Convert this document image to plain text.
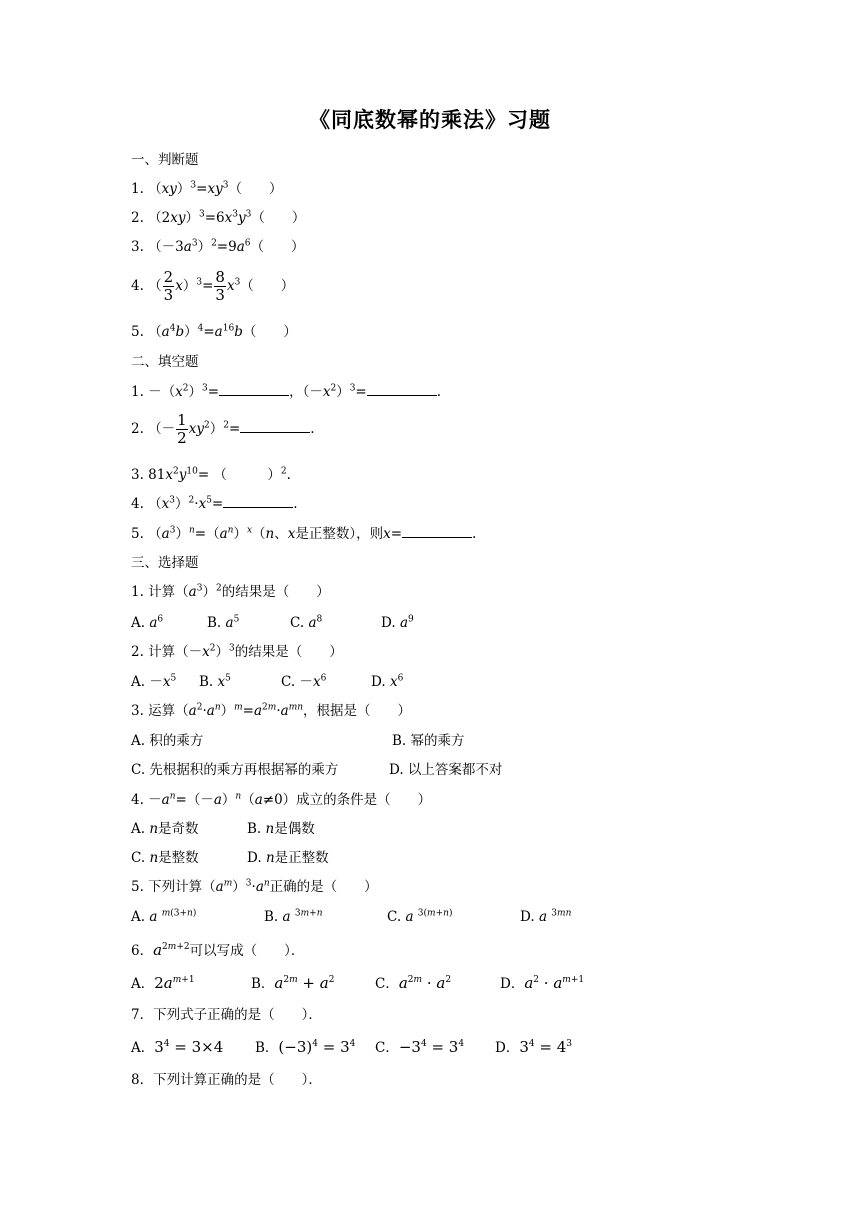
《同底数幂的乘法》习题
一、判断题
1. $(xy)^3=xy^3$（　　）
2. $(2xy)^3=6x^3y^3$（　　）
3. $(-3a^3)^2=9a^6$（　　）
4. （ $\frac{2}{3} x)^3= \frac{8}{3} x^3$（　　）
5. $(a^4b)^4=a^{16}b$（　　）
二、填空题
1. $-(x^2)^3=$	，$(-x^2)^3=$	.
2. （－ $\frac{1}{2} xy^2)^2=$	.
3. $81x^2y^{10}=$ （　　　）$^2$.
4. $(x^3)^2\cdot x^5=$	.
5. $(a^3)^n=(a^n)^x(n$、x是正整数），则x=	.
三、选择题
1. 计算$(a^3)^2$的结果是（　　）
A. $a^6$	B. $a^5$	C. $a^8$	D. $a^9$
2. 计算$(-x^2)^3$的结果是（　　）
A. $-x^5$ B. $x^5$	C. $-x^6$	D. $x^6$
3. 运算$(a^2\cdot a^n)^m=a^{2m}\cdot a^{mn}$，根据是（　　）
A. 积的乘方	B. 幂的乘方
C. 先根据积的乘方再根据幂的乘方	D. 以上答案都不对
4. $-a^n=(-a)^n(a\ne 0)$成立的条件是（　　）
A. n是奇数	B. n是偶数
C. n是整数	D. n是正整数
5. 下列计算$(a^m)^3\cdot a^n$正确的是（　　）
A. a $^{m(3+n)}$	B. a $^{3m+n}$	C. a $^{3(m+n)}$	D. a $^{3mn}$
6．$a^{2m+2}$可以写成（　　）．
A．$2a^{m+1}$	B．$a^{2m} + a^2$	C．$a^{2m} \cdot a^2$	D．$a^2 \cdot a^{m+1}$
7．下列式子正确的是（　　）．
A．$3^4 = 3\times 4$ B．$(-3)^4 = 3^4$ C．$-3^4 = 3^4$ D．$3^4 = 4^3$
8．下列计算正确的是（　　）．
